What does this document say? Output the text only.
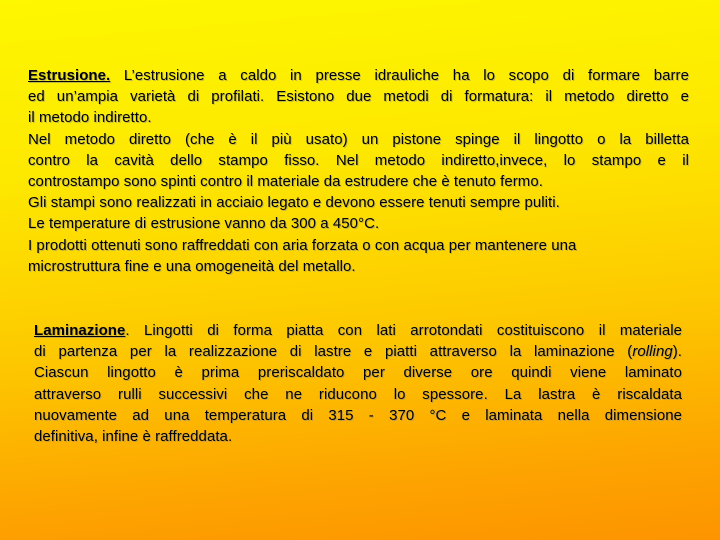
Estrusione. L’estrusione a caldo in presse idrauliche ha lo scopo di formare barre
ed un’ampia varietà di profilati. Esistono due metodi di formatura: il metodo diretto e
il metodo indiretto.
Nel metodo diretto (che è il più usato) un pistone spinge il lingotto o la billetta
contro la cavità dello stampo fisso. Nel metodo indiretto,invece, lo stampo e il
controstampo sono spinti contro il materiale da estrudere che è tenuto fermo.
Gli stampi sono realizzati in acciaio legato e devono essere tenuti sempre puliti.
Le temperature di estrusione vanno da 300 a 450°C.
I prodotti ottenuti sono raffreddati con aria forzata o con acqua per mantenere una
microstruttura fine e una omogeneità del metallo.
Laminazione. Lingotti di forma piatta con lati arrotondati costituiscono il materiale
di partenza per la realizzazione di lastre e piatti attraverso la laminazione (rolling).
Ciascun lingotto è prima preriscaldato per diverse ore quindi viene laminato
attraverso rulli successivi che ne riducono lo spessore. La lastra è riscaldata
nuovamente ad una temperatura di 315 - 370 °C e laminata nella dimensione
definitiva, infine è raffreddata.
